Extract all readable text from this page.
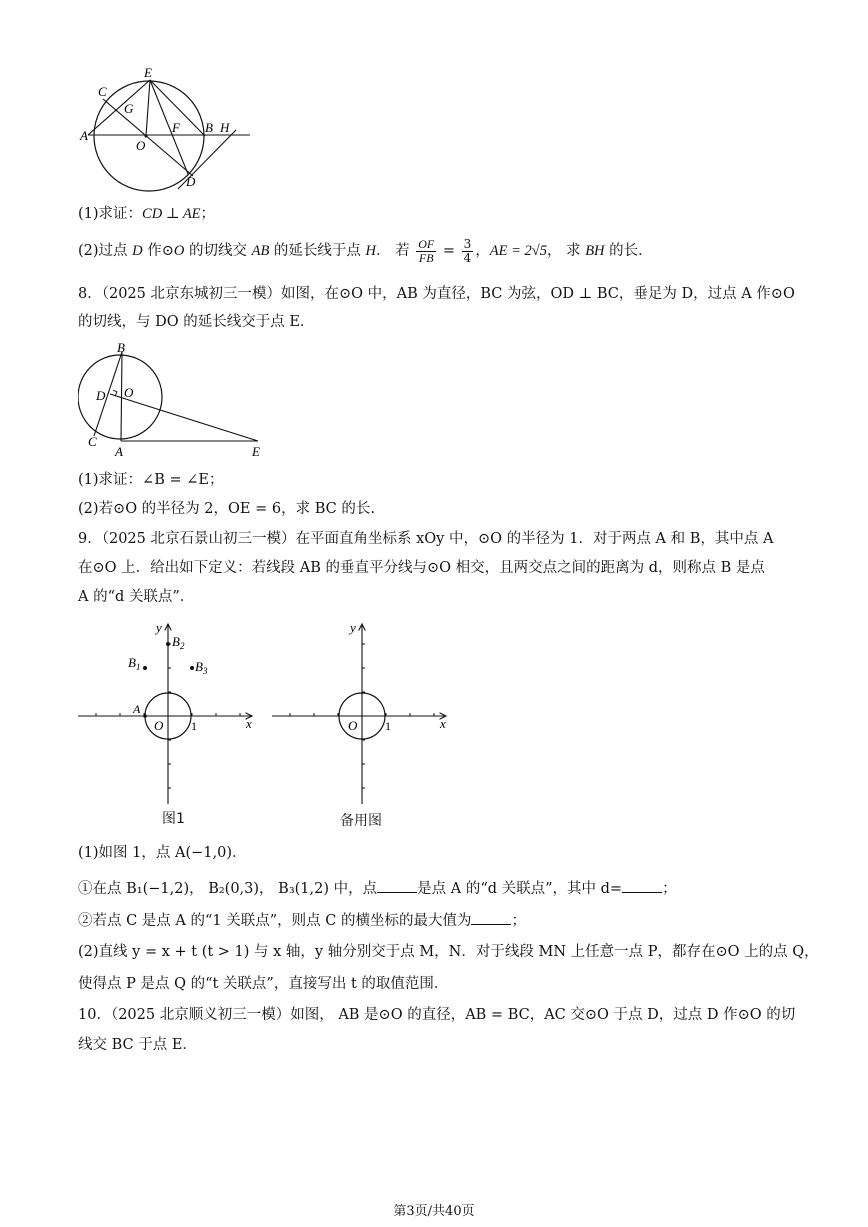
E
C
G
A
F B H
O
D
(1)求证：CD ⊥ AE；
(2)过点 D 作⊙O 的切线交 AB 的延长线于点 H． 若 $\frac{OF}{FB} = \frac{3}{4}$ ，AE = 2√5， 求 BH 的长．
8．（2025 北京东城初三一模）如图，在⊙O 中，AB 为直径，BC 为弦，OD ⊥ BC，垂足为 D，过点 A 作⊙O
的切线，与 DO 的延长线交于点 E．
B
D O
C
A	E
(1)求证：∠B = ∠E；
(2)若⊙O 的半径为 2，OE = 6，求 BC 的长.
9．（2025 北京石景山初三一模）在平面直角坐标系 xOy 中，⊙O 的半径为 1．对于两点 A 和 B，其中点 A
在⊙O 上．给出如下定义：若线段 AB 的垂直平分线与⊙O 相交，且两交点之间的距离为 d，则称点 B 是点
A 的“d 关联点”．
y
x
O 1
A
$B_1$
$B_2$
$B_3$
图1
y
x
O 1
备用图
(1)如图 1，点 A(−1,0)．
①在点 B₁(−1,2)， B₂(0,3)， B₃(1,2) 中，点	是点 A 的“d 关联点”，其中 d=	；
②若点 C 是点 A 的“1 关联点”，则点 C 的横坐标的最大值为	；
(2)直线 y = x + t (t > 1) 与 x 轴，y 轴分别交于点 M，N．对于线段 MN 上任意一点 P，都存在⊙O 上的点 Q，
使得点 P 是点 Q 的“t 关联点”，直接写出 t 的取值范围．
10．（2025 北京顺义初三一模）如图， AB 是⊙O 的直径，AB = BC，AC 交⊙O 于点 D，过点 D 作⊙O 的切
线交 BC 于点 E．
第3页/共40页
